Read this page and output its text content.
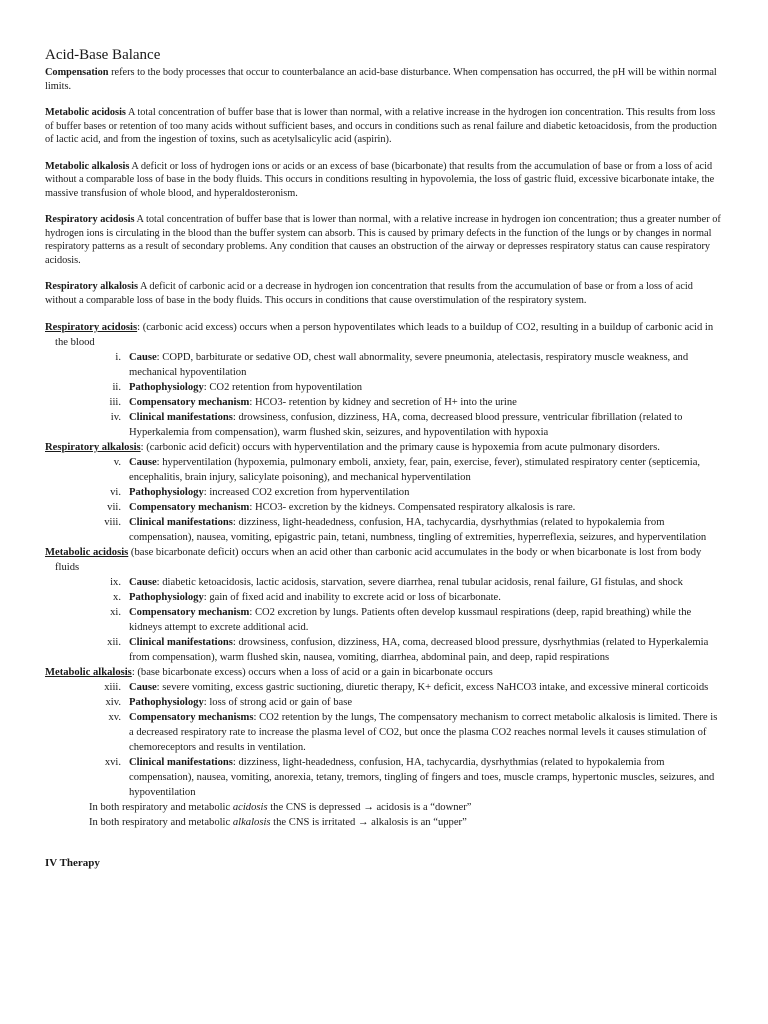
Acid-Base Balance

Compensation refers to the body processes that occur to counterbalance an acid-base disturbance. When compensation has occurred, the pH will be within normal limits.

Metabolic acidosis A total concentration of buffer base that is lower than normal, with a relative increase in the hydrogen ion concentration. This results from loss of buffer bases or retention of too many acids without sufficient bases, and occurs in conditions such as renal failure and diabetic ketoacidosis, from the production of lactic acid, and from the ingestion of toxins, such as acetylsalicylic acid (aspirin).

Metabolic alkalosis A deficit or loss of hydrogen ions or acids or an excess of base (bicarbonate) that results from the accumulation of base or from a loss of acid without a comparable loss of base in the body fluids. This occurs in conditions resulting in hypovolemia, the loss of gastric fluid, excessive bicarbonate intake, the massive transfusion of whole blood, and hyperaldosteronism.

Respiratory acidosis A total concentration of buffer base that is lower than normal, with a relative increase in hydrogen ion concentration; thus a greater number of hydrogen ions is circulating in the blood than the buffer system can absorb. This is caused by primary defects in the function of the lungs or by changes in normal respiratory patterns as a result of secondary problems. Any condition that causes an obstruction of the airway or depresses respiratory status can cause respiratory acidosis.

Respiratory alkalosis A deficit of carbonic acid or a decrease in hydrogen ion concentration that results from the accumulation of base or from a loss of acid without a comparable loss of base in the body fluids. This occurs in conditions that cause overstimulation of the respiratory system.

Respiratory acidosis: (carbonic acid excess) occurs when a person hypoventilates which leads to a buildup of CO2, resulting in a buildup of carbonic acid in the blood

i. Cause: COPD, barbiturate or sedative OD, chest wall abnormality, severe pneumonia, atelectasis, respiratory muscle weakness, and mechanical hypoventilation
ii. Pathophysiology: CO2 retention from hypoventilation
iii. Compensatory mechanism: HCO3- retention by kidney and secretion of H+ into the urine
iv. Clinical manifestations: drowsiness, confusion, dizziness, HA, coma, decreased blood pressure, ventricular fibrillation (related to Hyperkalemia from compensation), warm flushed skin, seizures, and hypoventilation with hypoxia

Respiratory alkalosis: (carbonic acid deficit) occurs with hyperventilation and the primary cause is hypoxemia from acute pulmonary disorders.

v. Cause: hyperventilation (hypoxemia, pulmonary emboli, anxiety, fear, pain, exercise, fever), stimulated respiratory center (septicemia, encephalitis, brain injury, salicylate poisoning), and mechanical hyperventilation
vi. Pathophysiology: increased CO2 excretion from hyperventilation
vii. Compensatory mechanism: HCO3- excretion by the kidneys. Compensated respiratory alkalosis is rare.
viii. Clinical manifestations: dizziness, light-headedness, confusion, HA, tachycardia, dysrhythmias (related to hypokalemia from compensation), nausea, vomiting, epigastric pain, tetani, numbness, tingling of extremities, hyperreflexia, seizures, and hyperventilation

Metabolic acidosis (base bicarbonate deficit) occurs when an acid other than carbonic acid accumulates in the body or when bicarbonate is lost from body fluids

ix. Cause: diabetic ketoacidosis, lactic acidosis, starvation, severe diarrhea, renal tubular acidosis, renal failure, GI fistulas, and shock
x. Pathophysiology: gain of fixed acid and inability to excrete acid or loss of bicarbonate.
xi. Compensatory mechanism: CO2 excretion by lungs. Patients often develop kussmaul respirations (deep, rapid breathing) while the kidneys attempt to excrete additional acid.
xii. Clinical manifestations: drowsiness, confusion, dizziness, HA, coma, decreased blood pressure, dysrhythmias (related to Hyperkalemia from compensation), warm flushed skin, nausea, vomiting, diarrhea, abdominal pain, and deep, rapid respirations

Metabolic alkalosis: (base bicarbonate excess) occurs when a loss of acid or a gain in bicarbonate occurs

xiii. Cause: severe vomiting, excess gastric suctioning, diuretic therapy, K+ deficit, excess NaHCO3 intake, and excessive mineral corticoids
xiv. Pathophysiology: loss of strong acid or gain of base
xv. Compensatory mechanisms: CO2 retention by the lungs, The compensatory mechanism to correct metabolic alkalosis is limited. There is a decreased respiratory rate to increase the plasma level of CO2, but once the plasma CO2 reaches normal levels it causes stimulation of chemoreceptors and results in ventilation.
xvi. Clinical manifestations: dizziness, light-headedness, confusion, HA, tachycardia, dysrhythmias (related to hypokalemia from compensation), nausea, vomiting, anorexia, tetany, tremors, tingling of fingers and toes, muscle cramps, hypertonic muscles, seizures, and hypoventilation
In both respiratory and metabolic acidosis the CNS is depressed → acidosis is a “downer”
In both respiratory and metabolic alkalosis the CNS is irritated → alkalosis is an “upper”
IV Therapy
